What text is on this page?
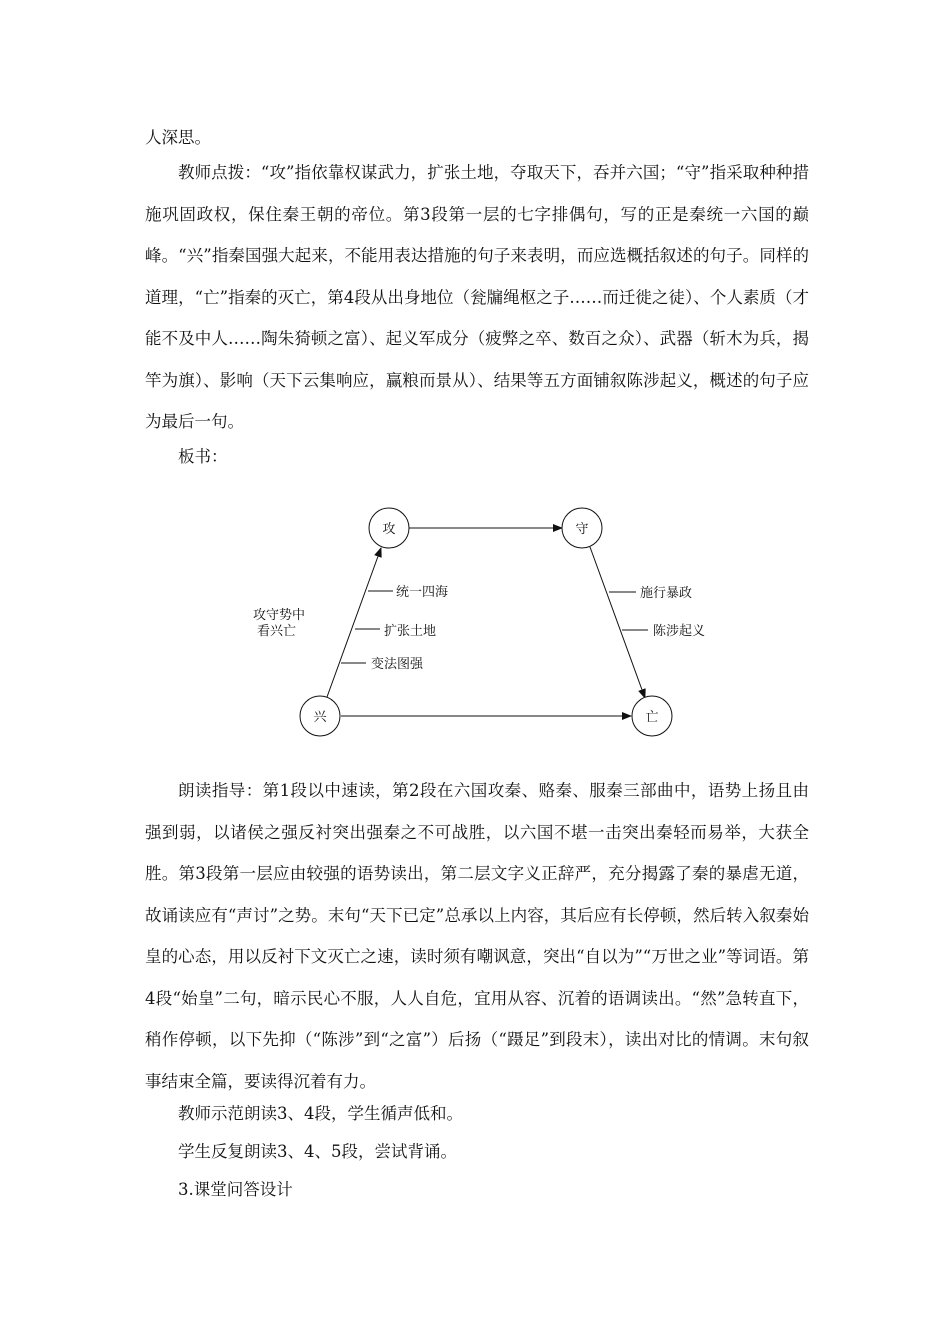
人深思。

教师点拨：“攻”指依靠权谋武力，扩张土地，夺取天下，吞并六国；“守”指采取种种措施巩固政权，保住秦王朝的帝位。第3段第一层的七字排偶句，写的正是秦统一六国的巅峰。“兴”指秦国强大起来，不能用表达措施的句子来表明，而应选概括叙述的句子。同样的道理，“亡”指秦的灭亡，第4段从出身地位（瓮牖绳枢之子……而迁徙之徒）、个人素质（才能不及中人……陶朱猗顿之富）、起义军成分（疲弊之卒、数百之众）、武器（斩木为兵，揭竿为旗）、影响（天下云集响应，赢粮而景从）、结果等五方面铺叙陈涉起义，概述的句子应为最后一句。

板书：

攻	守
兴	亡
统一四海
扩张土地
变法图强
施行暴政
陈涉起义
攻守势中
看兴亡

朗读指导：第1段以中速读，第2段在六国攻秦、赂秦、服秦三部曲中，语势上扬且由强到弱，以诸侯之强反衬突出强秦之不可战胜，以六国不堪一击突出秦轻而易举，大获全胜。第3段第一层应由较强的语势读出，第二层文字义正辞严，充分揭露了秦的暴虐无道，故诵读应有“声讨”之势。末句“天下已定”总承以上内容，其后应有长停顿，然后转入叙秦始皇的心态，用以反衬下文灭亡之速，读时须有嘲讽意，突出“自以为”“万世之业”等词语。第4段“始皇”二句，暗示民心不服，人人自危，宜用从容、沉着的语调读出。“然”急转直下，稍作停顿，以下先抑（“陈涉”到“之富”）后扬（“蹑足”到段末），读出对比的情调。末句叙事结束全篇，要读得沉着有力。

教师示范朗读3、4段，学生循声低和。

学生反复朗读3、4、5段，尝试背诵。

3.课堂问答设计
